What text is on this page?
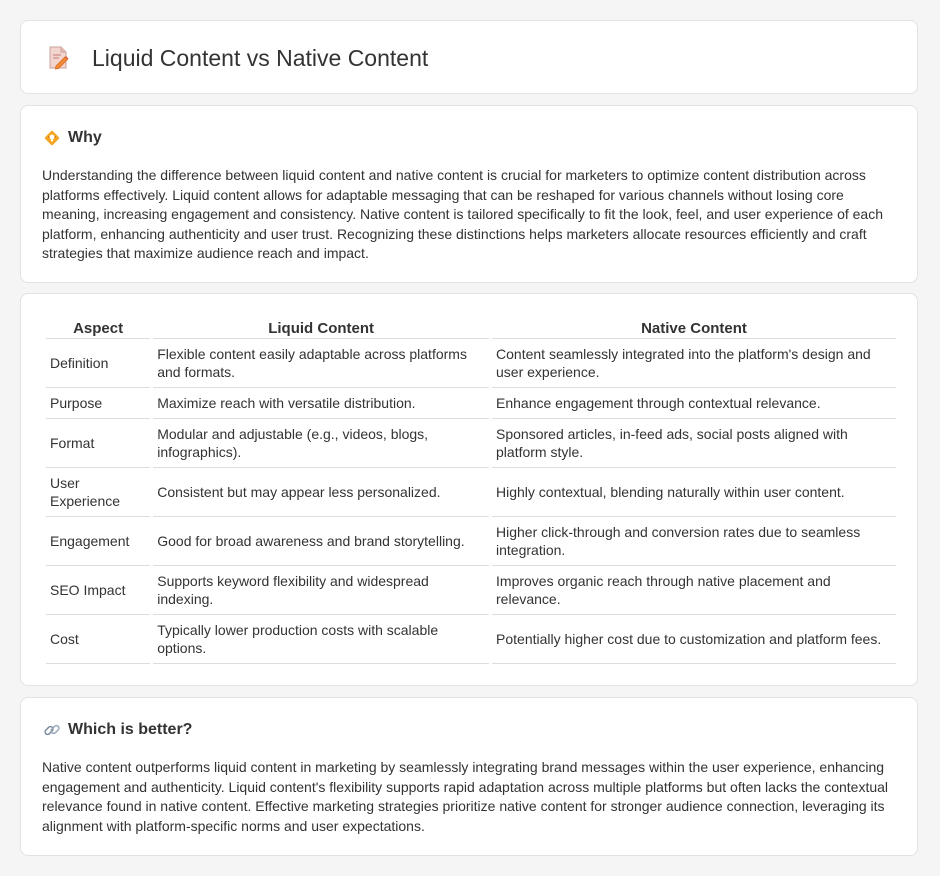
Liquid Content vs Native Content
Why

Understanding the difference between liquid content and native content is crucial for marketers to optimize content distribution across platforms effectively. Liquid content allows for adaptable messaging that can be reshaped for various channels without losing core meaning, increasing engagement and consistency. Native content is tailored specifically to fit the look, feel, and user experience of each platform, enhancing authenticity and user trust. Recognizing these distinctions helps marketers allocate resources efficiently and craft strategies that maximize audience reach and impact.

Aspect	Liquid Content	Native Content
Definition	Flexible content easily adaptable across platforms and formats.	Content seamlessly integrated into the platform's design and user experience.
Purpose	Maximize reach with versatile distribution.	Enhance engagement through contextual relevance.
Format	Modular and adjustable (e.g., videos, blogs, infographics).	Sponsored articles, in-feed ads, social posts aligned with platform style.
User Experience	Consistent but may appear less personalized.	Highly contextual, blending naturally within user content.
Engagement	Good for broad awareness and brand storytelling.	Higher click-through and conversion rates due to seamless integration.
SEO Impact	Supports keyword flexibility and widespread indexing.	Improves organic reach through native placement and relevance.
Cost	Typically lower production costs with scalable options.	Potentially higher cost due to customization and platform fees.
Which is better?

Native content outperforms liquid content in marketing by seamlessly integrating brand messages within the user experience, enhancing engagement and authenticity. Liquid content's flexibility supports rapid adaptation across multiple platforms but often lacks the contextual relevance found in native content. Effective marketing strategies prioritize native content for stronger audience connection, leveraging its alignment with platform-specific norms and user expectations.
